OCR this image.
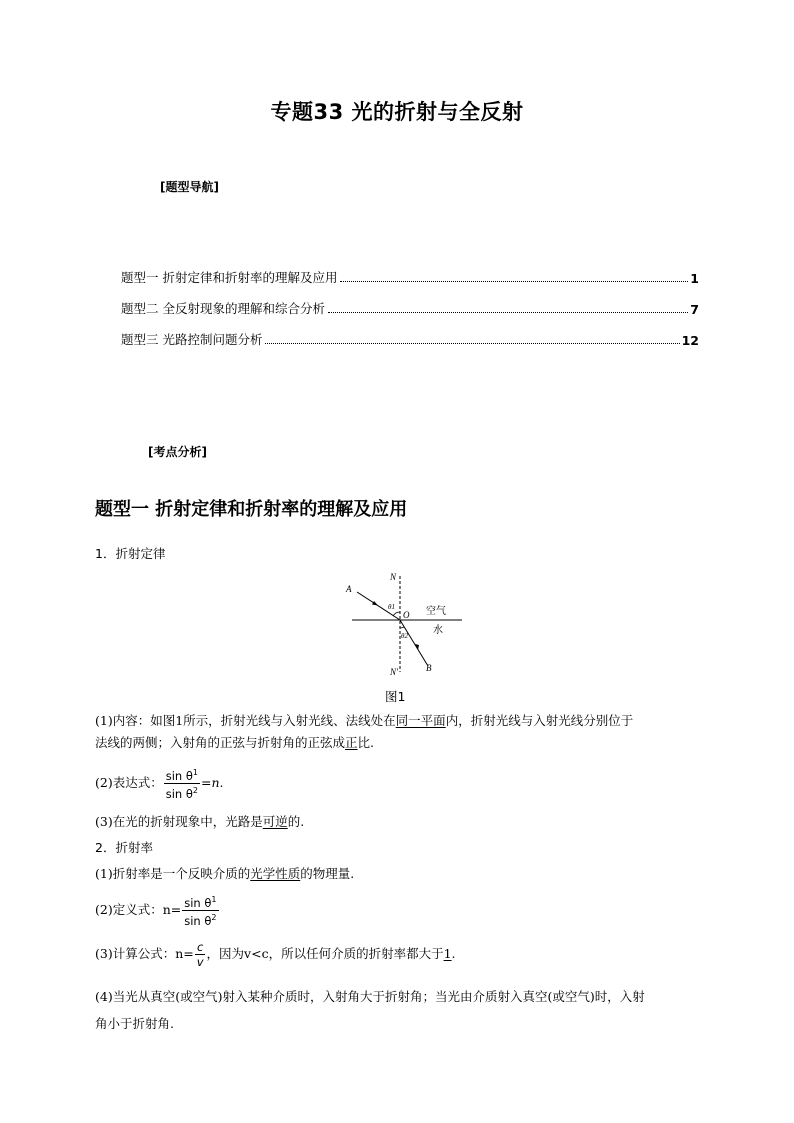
专题33 光的折射与全反射
[题型导航]
题型一 折射定律和折射率的理解及应用	1
题型二 全反射现象的理解和综合分析	7
题型三 光路控制问题分析	12
[考点分析]
题型一 折射定律和折射率的理解及应用
1．折射定律
A
N
θ1
O 空气
水
θ2
N′	B
图1
(1)内容：如图1所示，折射光线与入射光线、法线处在同一平面内，折射光线与入射光线分别位于
法线的两侧；入射角的正弦与折射角的正弦成正比.
(2)表达式： $\frac{\sin \theta^1}{\sin \theta^2} =n$.
(3)在光的折射现象中，光路是可逆的.
2．折射率
(1)折射率是一个反映介质的光学性质的物理量.
(2)定义式：$n= \frac{\sin \theta^1}{\sin \theta^2}$
(3)计算公式：$n= \frac{c}{v}$ ，因为v<c，所以任何介质的折射率都大于1.
(4)当光从真空(或空气)射入某种介质时，入射角大于折射角；当光由介质射入真空(或空气)时，入射
角小于折射角.
